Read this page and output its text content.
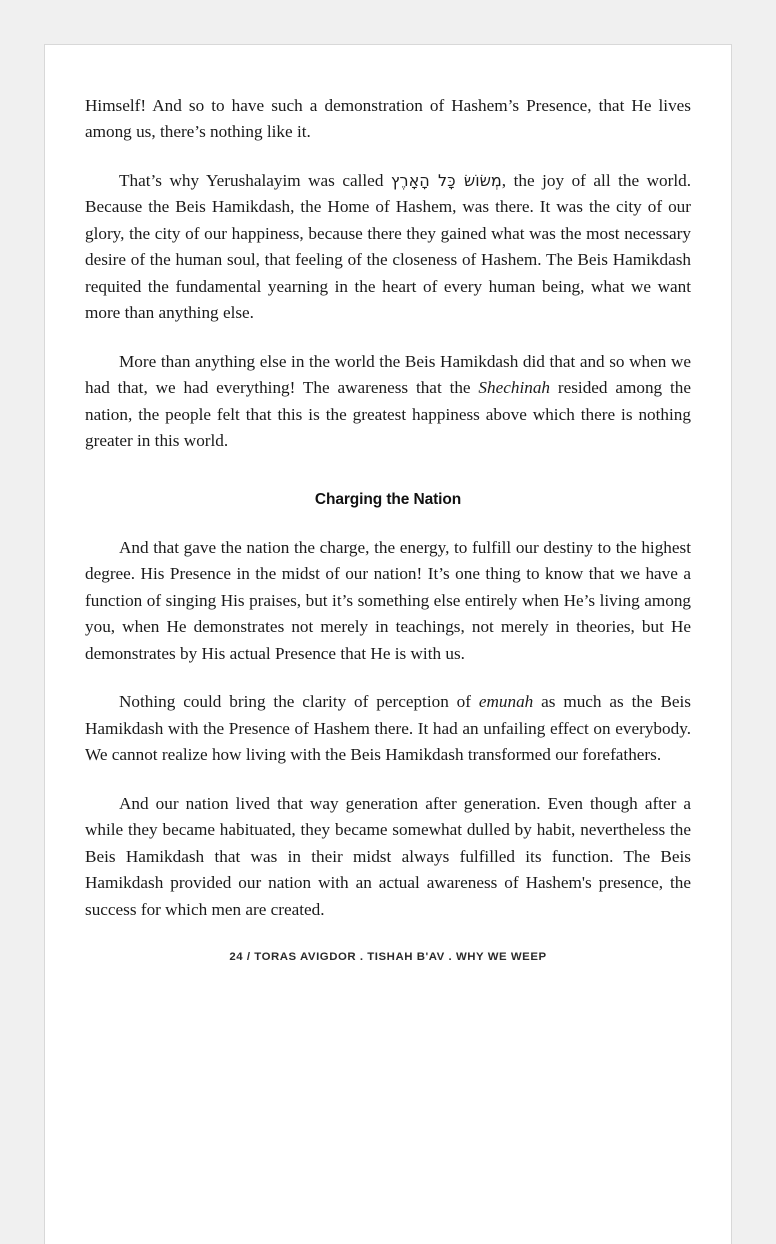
Himself! And so to have such a demonstration of Hashem’s Presence, that He lives among us, there’s nothing like it.

That’s why Yerushalayim was called מְשׂוֹשׂ כָּל הָאָרֶץ, the joy of all the world. Because the Beis Hamikdash, the Home of Hashem, was there. It was the city of our glory, the city of our happiness, because there they gained what was the most necessary desire of the human soul, that feeling of the closeness of Hashem. The Beis Hamikdash requited the fundamental yearning in the heart of every human being, what we want more than anything else.

More than anything else in the world the Beis Hamikdash did that and so when we had that, we had everything! The awareness that the Shechinah resided among the nation, the people felt that this is the greatest happiness above which there is nothing greater in this world.

Charging the Nation

And that gave the nation the charge, the energy, to fulfill our destiny to the highest degree. His Presence in the midst of our nation! It’s one thing to know that we have a function of singing His praises, but it’s something else entirely when He’s living among you, when He demonstrates not merely in teachings, not merely in theories, but He demonstrates by His actual Presence that He is with us.

Nothing could bring the clarity of perception of emunah as much as the Beis Hamikdash with the Presence of Hashem there. It had an unfailing effect on everybody. We cannot realize how living with the Beis Hamikdash transformed our forefathers.

And our nation lived that way generation after generation. Even though after a while they became habituated, they became somewhat dulled by habit, nevertheless the Beis Hamikdash that was in their midst always fulfilled its function. The Beis Hamikdash provided our nation with an actual awareness of Hashem's presence, the success for which men are created.

24 / TORAS AVIGDOR . TISHAH B'AV . WHY WE WEEP
